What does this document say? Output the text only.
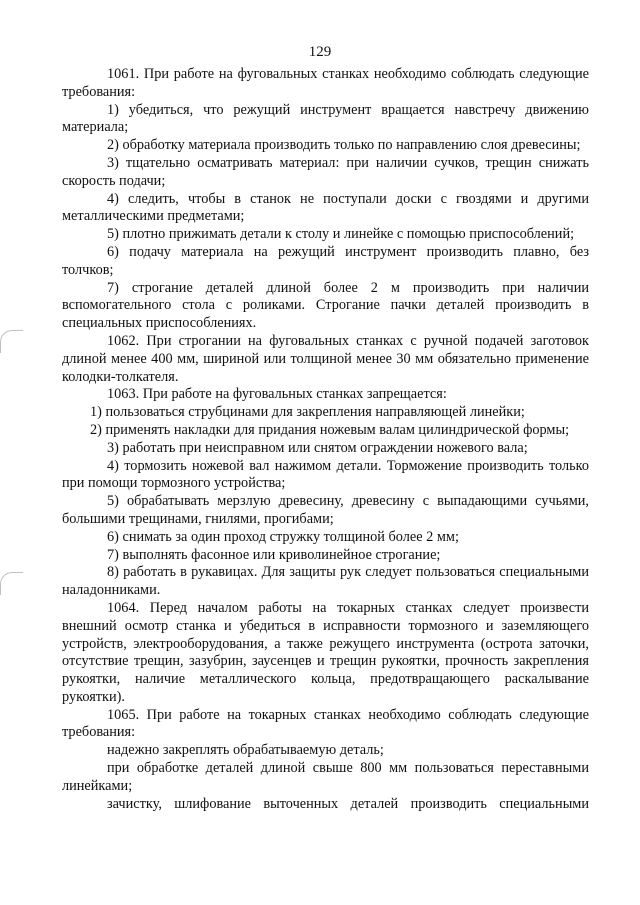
129

1061. При работе на фуговальных станках необходимо соблюдать следующие требования:

1) убедиться, что режущий инструмент вращается навстречу движению материала;

2) обработку материала производить только по направлению слоя древесины;

3) тщательно осматривать материал: при наличии сучков, трещин снижать скорость подачи;

4) следить, чтобы в станок не поступали доски с гвоздями и другими металлическими предметами;

5) плотно прижимать детали к столу и линейке с помощью приспособлений;

6) подачу материала на режущий инструмент производить плавно, без толчков;

7) строгание деталей длиной более 2 м производить при наличии вспомогательного стола с роликами. Строгание пачки деталей производить в специальных приспособлениях.

1062. При строгании на фуговальных станках с ручной подачей заготовок длиной менее 400 мм, шириной или толщиной менее 30 мм обязательно применение колодки-толкателя.

1063. При работе на фуговальных станках запрещается:

1) пользоваться струбцинами для закрепления направляющей линейки;

2) применять накладки для придания ножевым валам цилиндрической формы;

3) работать при неисправном или снятом ограждении ножевого вала;

4) тормозить ножевой вал нажимом детали. Торможение производить только при помощи тормозного устройства;

5) обрабатывать мерзлую древесину, древесину с выпадающими сучьями, большими трещинами, гнилями, прогибами;

6) снимать за один проход стружку толщиной более 2 мм;

7) выполнять фасонное или криволинейное строгание;

8) работать в рукавицах. Для защиты рук следует пользоваться специальными наладонниками.

1064. Перед началом работы на токарных станках следует произвести внешний осмотр станка и убедиться в исправности тормозного и заземляющего устройств, электрооборудования, а также режущего инструмента (острота заточки, отсутствие трещин, зазубрин, заусенцев и трещин рукоятки, прочность закрепления рукоятки, наличие металлического кольца, предотвращающего раскалывание рукоятки).

1065. При работе на токарных станках необходимо соблюдать следующие требования:

надежно закреплять обрабатываемую деталь;

при обработке деталей длиной свыше 800 мм пользоваться переставными линейками;

зачистку, шлифование выточенных деталей производить специальными
